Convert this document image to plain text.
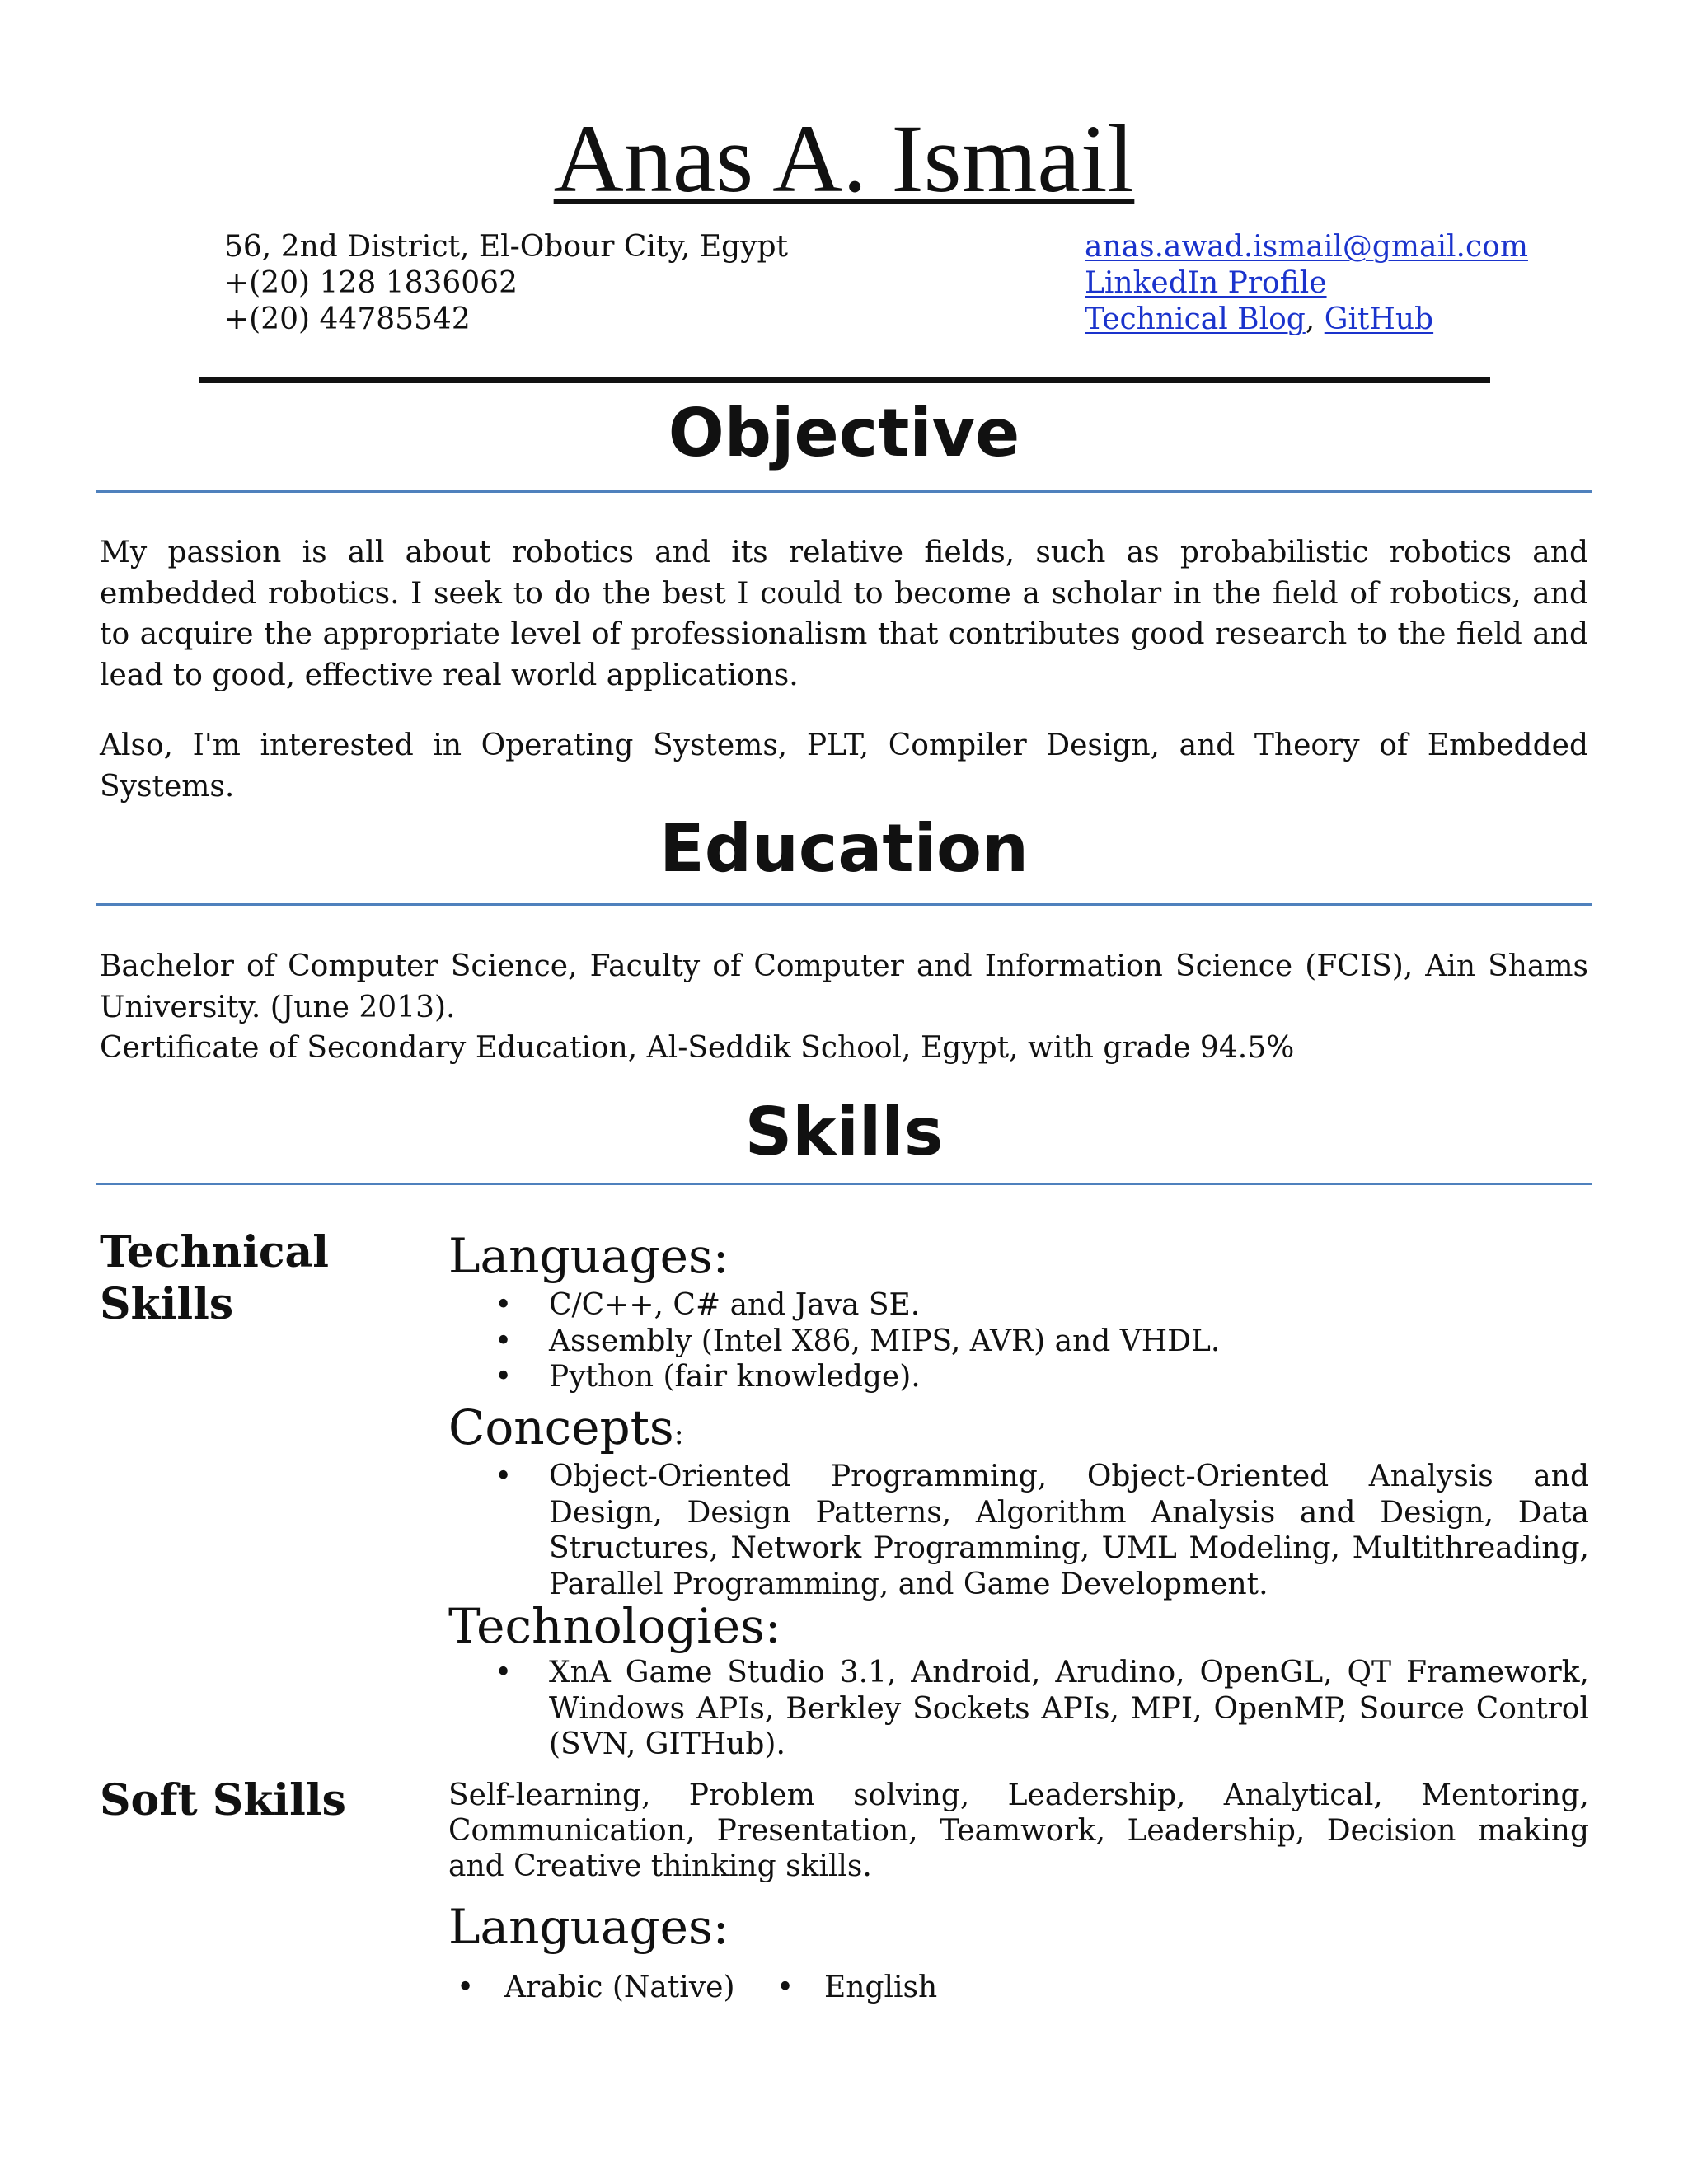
Anas A. Ismail
56, 2nd District, El-Obour City, Egypt
+(20) 128 1836062
+(20) 44785542
anas.awad.ismail@gmail.com
LinkedIn Profile
Technical Blog, GitHub
Objective

My passion is all about robotics and its relative fields, such as probabilistic robotics and embedded robotics. I seek to do the best I could to become a scholar in the field of robotics, and to acquire the appropriate level of professionalism that contributes good research to the field and lead to good, effective real world applications.

Also, I'm interested in Operating Systems, PLT, Compiler Design, and Theory of Embedded Systems.

Education

Bachelor of Computer Science, Faculty of Computer and Information Science (FCIS), Ain Shams University. (June 2013).

Certificate of Secondary Education, Al-Seddik School, Egypt, with grade 94.5%

Skills
Technical
Skills
Languages:
• C/C++, C# and Java SE.
• Assembly (Intel X86, MIPS, AVR) and VHDL.
• Python (fair knowledge).
Concepts:
• Object-Oriented Programming, Object-Oriented Analysis and Design, Design Patterns, Algorithm Analysis and Design, Data Structures, Network Programming, UML Modeling, Multithreading, Parallel Programming, and Game Development.
Technologies:
• XnA Game Studio 3.1, Android, Arudino, OpenGL, QT Framework, Windows APIs, Berkley Sockets APIs, MPI, OpenMP, Source Control (SVN, GITHub).
Soft Skills	Self-learning, Problem solving, Leadership, Analytical, Mentoring, Communication, Presentation, Teamwork, Leadership, Decision making and Creative thinking skills.

Languages:
• Arabic (Native) • English
